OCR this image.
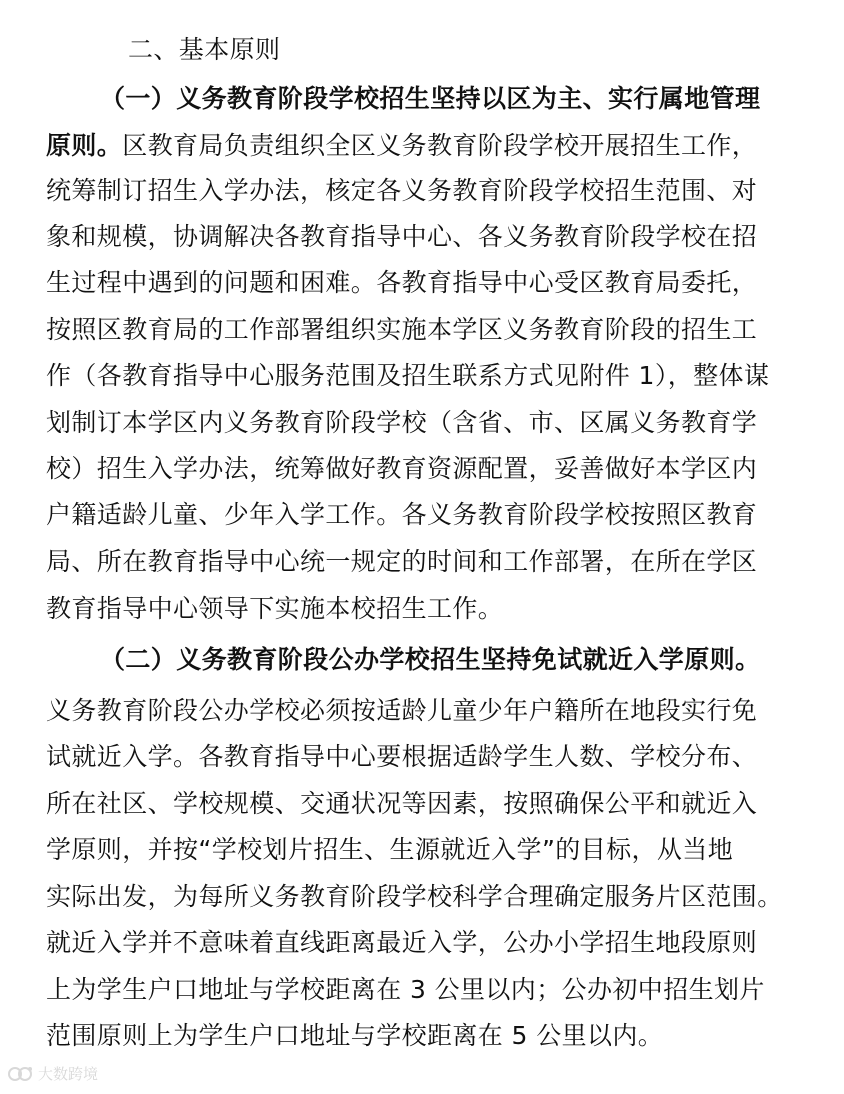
二、基本原则
（一）义务教育阶段学校招生坚持以区为主、实行属地管理
原则。区教育局负责组织全区义务教育阶段学校开展招生工作，
统筹制订招生入学办法，核定各义务教育阶段学校招生范围、对
象和规模，协调解决各教育指导中心、各义务教育阶段学校在招
生过程中遇到的问题和困难。各教育指导中心受区教育局委托，
按照区教育局的工作部署组织实施本学区义务教育阶段的招生工
作（各教育指导中心服务范围及招生联系方式见附件 1），整体谋
划制订本学区内义务教育阶段学校（含省、市、区属义务教育学
校）招生入学办法，统筹做好教育资源配置，妥善做好本学区内
户籍适龄儿童、少年入学工作。各义务教育阶段学校按照区教育
局、所在教育指导中心统一规定的时间和工作部署，在所在学区
教育指导中心领导下实施本校招生工作。
（二）义务教育阶段公办学校招生坚持免试就近入学原则。
义务教育阶段公办学校必须按适龄儿童少年户籍所在地段实行免
试就近入学。各教育指导中心要根据适龄学生人数、学校分布、
所在社区、学校规模、交通状况等因素，按照确保公平和就近入
学原则，并按“学校划片招生、生源就近入学”的目标，从当地
实际出发，为每所义务教育阶段学校科学合理确定服务片区范围。
就近入学并不意味着直线距离最近入学，公办小学招生地段原则
上为学生户口地址与学校距离在 3 公里以内；公办初中招生划片
范围原则上为学生户口地址与学校距离在 5 公里以内。
大数跨境
